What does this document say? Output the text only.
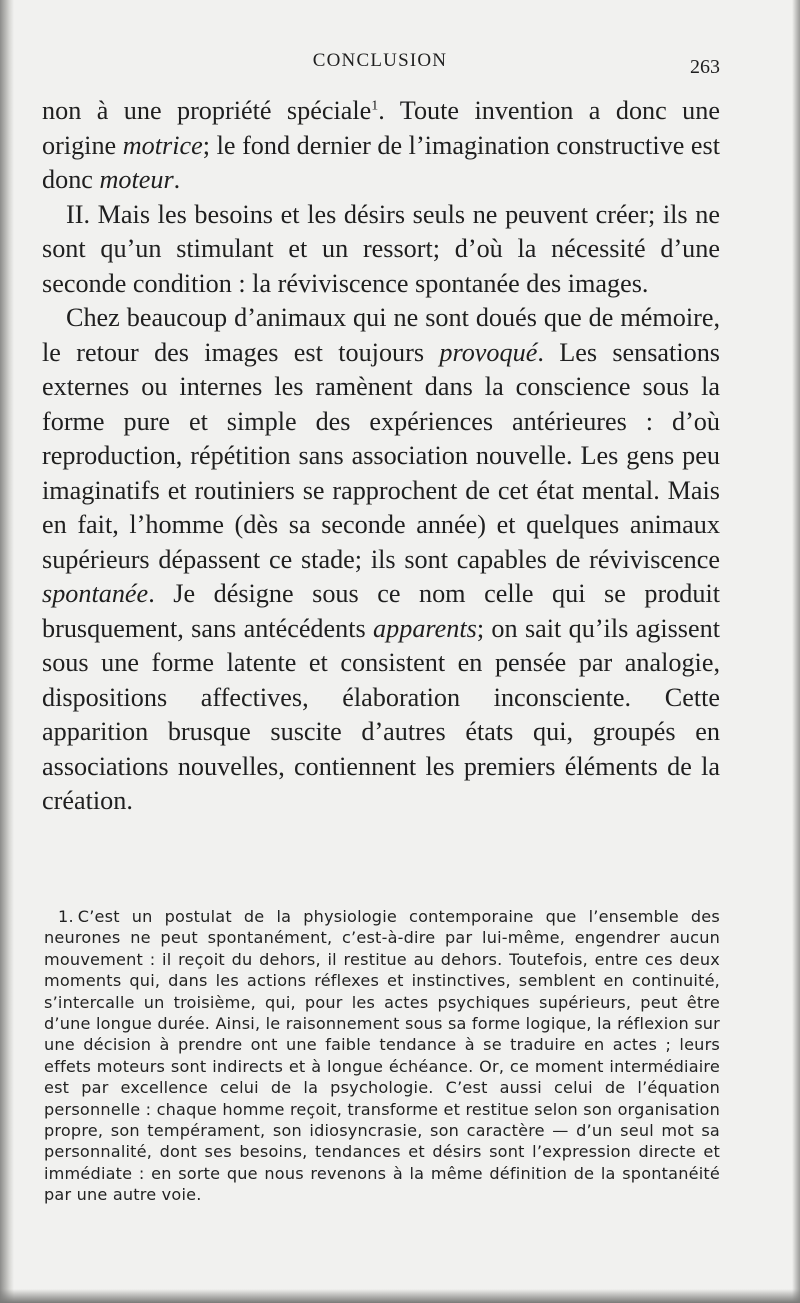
CONCLUSION	263

non à une propriété spéciale$^1$. Toute invention a donc une origine motrice; le fond dernier de l’imagination constructive est donc moteur.

II. Mais les besoins et les désirs seuls ne peuvent créer; ils ne sont qu’un stimulant et un ressort; d’où la nécessité d’une seconde condition : la réviviscence spontanée des images.

Chez beaucoup d’animaux qui ne sont doués que de mémoire, le retour des images est toujours provoqué. Les sensations externes ou internes les ramènent dans la conscience sous la forme pure et simple des expériences antérieures : d’où reproduction, répétition sans association nouvelle. Les gens peu imaginatifs et routiniers se rapprochent de cet état mental. Mais en fait, l’homme (dès sa seconde année) et quelques animaux supérieurs dépassent ce stade; ils sont capables de réviviscence spontanée. Je désigne sous ce nom celle qui se produit brusquement, sans antécédents apparents; on sait qu’ils agissent sous une forme latente et consistent en pensée par analogie, dispositions affectives, élaboration inconsciente. Cette apparition brusque suscite d’autres états qui, groupés en associations nouvelles, contiennent les premiers éléments de la création.

1. C’est un postulat de la physiologie contemporaine que l’ensemble des neurones ne peut spontanément, c’est-à-dire par lui-même, engendrer aucun mouvement : il reçoit du dehors, il restitue au dehors. Toutefois, entre ces deux moments qui, dans les actions réflexes et instinctives, semblent en continuité, s’intercalle un troisième, qui, pour les actes psychiques supérieurs, peut être d’une longue durée. Ainsi, le raisonnement sous sa forme logique, la réflexion sur une décision à prendre ont une faible tendance à se traduire en actes ; leurs effets moteurs sont indirects et à longue échéance. Or, ce moment intermédiaire est par excellence celui de la psychologie. C’est aussi celui de l’équation personnelle : chaque homme reçoit, transforme et restitue selon son organisation propre, son tempérament, son idiosyncrasie, son caractère — d’un seul mot sa personnalité, dont ses besoins, tendances et désirs sont l’expression directe et immédiate : en sorte que nous revenons à la même définition de la spontanéité par une autre voie.
